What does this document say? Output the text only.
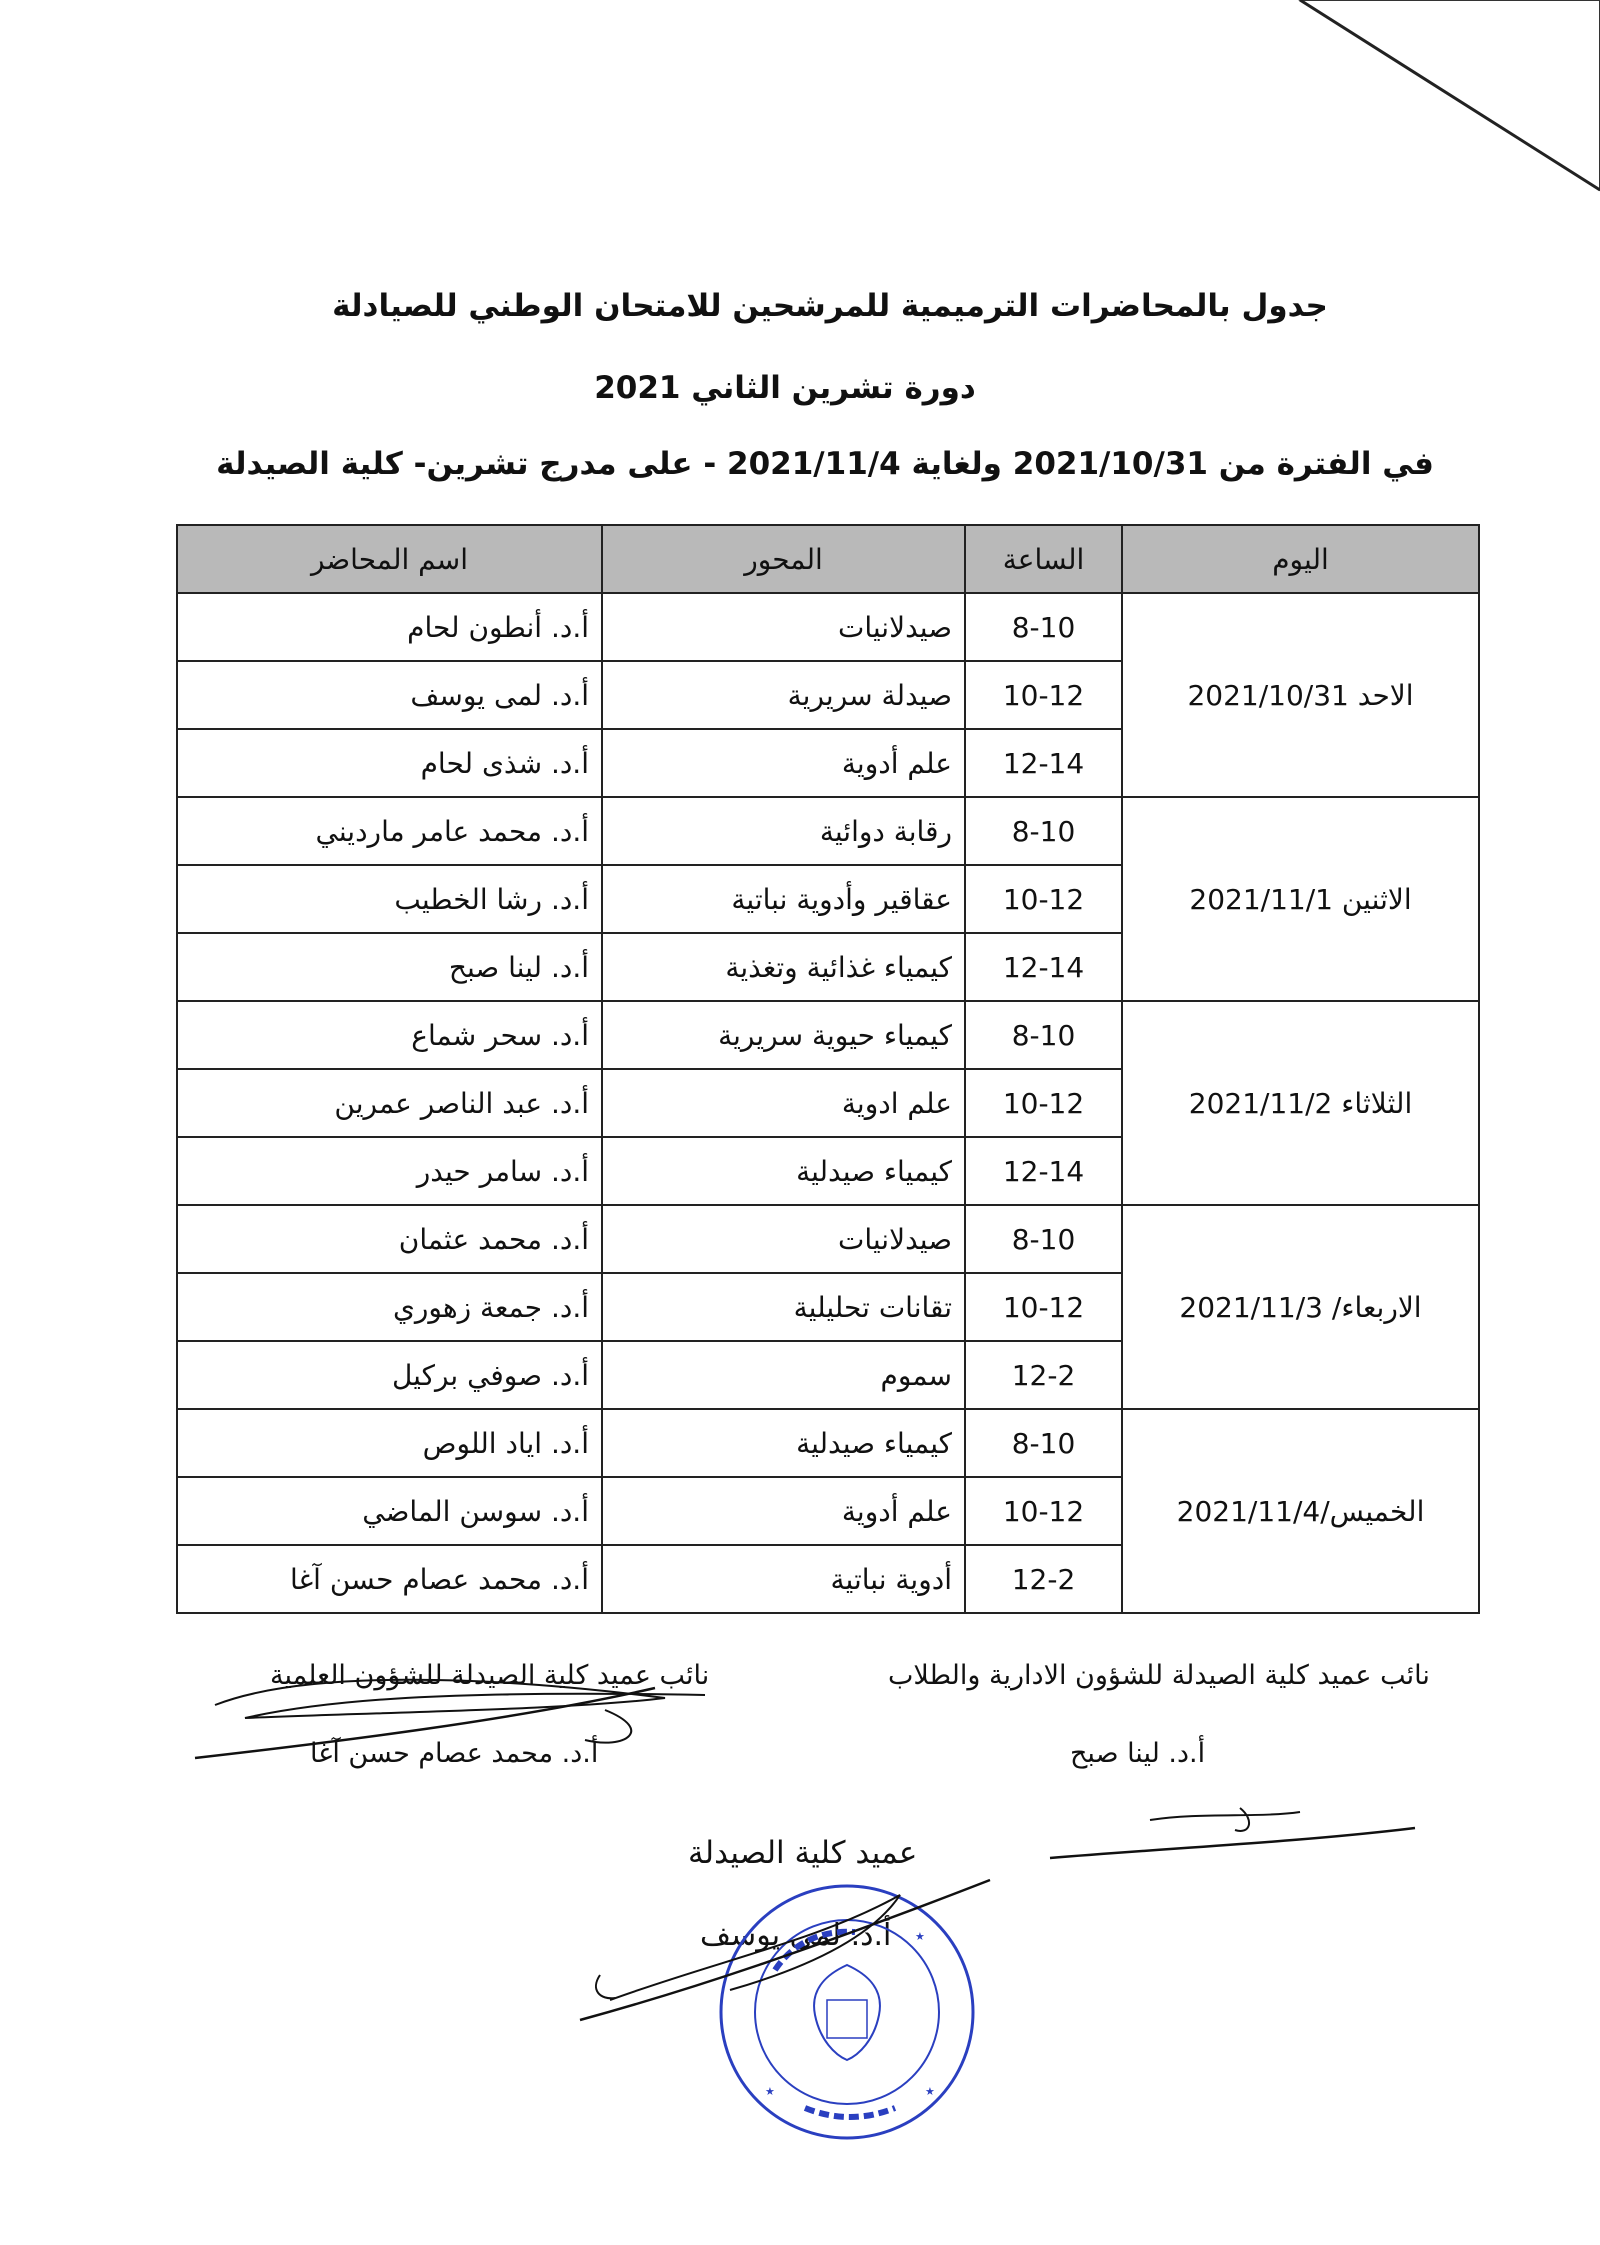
جدول بالمحاضرات الترميمية للمرشحين للامتحان الوطني للصيادلة
دورة تشرين الثاني 2021
في الفترة من 2021/10/31 ولغاية 2021/11/4 - على مدرج تشرين- كلية الصيدلة
اليوم	الساعة	المحور	اسم المحاضر
الاحد 2021/10/31	8-10	صيدلانيات	أ.د. أنطون لحام
	10-12	صيدلة سريرية	أ.د. لمى يوسف
	12-14	علم أدوية	أ.د. شذى لحام
الاثنين 2021/11/1	8-10	رقابة دوائية	أ.د. محمد عامر مارديني
	10-12	عقاقير وأدوية نباتية	أ.د. رشا الخطيب
	12-14	كيمياء غذائية وتغذية	أ.د. لينا صبح
الثلاثاء 2021/11/2	8-10	كيمياء حيوية سريرية	أ.د. سحر شماع
	10-12	علم ادوية	أ.د. عبد الناصر عمرين
	12-14	كيمياء صيدلية	أ.د. سامر حيدر
الاربعاء/ 2021/11/3	8-10	صيدلانيات	أ.د. محمد عثمان
	10-12	تقانات تحليلية	أ.د. جمعة زهوري
	12-2	سموم	أ.د. صوفي بركيل
الخميس/2021/11/4	8-10	كيمياء صيدلية	أ.د. اياد اللوص
	10-12	علم أدوية	أ.د. سوسن الماضي
	12-2	أدوية نباتية	أ.د. محمد عصام حسن آغا
نائب عميد كلية الصيدلة للشؤون العلمية
أ.د. محمد عصام حسن آغا
نائب عميد كلية الصيدلة للشؤون الادارية والطلاب
أ.د. لينا صبح
عميد كلية الصيدلة
أ.د. لمى يوسف ★
★	★
